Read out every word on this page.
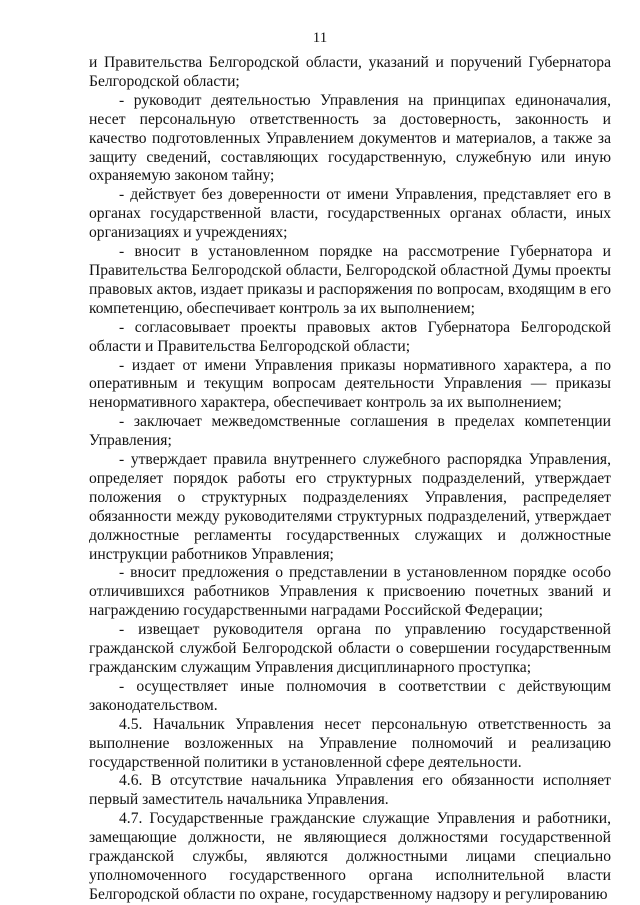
11

и Правительства Белгородской области, указаний и поручений Губернатора Белгородской области;

- руководит деятельностью Управления на принципах единоначалия, несет персональную ответственность за достоверность, законность и качество подготовленных Управлением документов и материалов, а также за защиту сведений, составляющих государственную, служебную или иную охраняемую законом тайну;

- действует без доверенности от имени Управления, представляет его в органах государственной власти, государственных органах области, иных организациях и учреждениях;

- вносит в установленном порядке на рассмотрение Губернатора и Правительства Белгородской области, Белгородской областной Думы проекты правовых актов, издает приказы и распоряжения по вопросам, входящим в его компетенцию, обеспечивает контроль за их выполнением;

- согласовывает проекты правовых актов Губернатора Белгородской области и Правительства Белгородской области;

- издает от имени Управления приказы нормативного характера, а по оперативным и текущим вопросам деятельности Управления — приказы ненормативного характера, обеспечивает контроль за их выполнением;

- заключает межведомственные соглашения в пределах компетенции Управления;

- утверждает правила внутреннего служебного распорядка Управления, определяет порядок работы его структурных подразделений, утверждает положения о структурных подразделениях Управления, распределяет обязанности между руководителями структурных подразделений, утверждает должностные регламенты государственных служащих и должностные инструкции работников Управления;

- вносит предложения о представлении в установленном порядке особо отличившихся работников Управления к присвоению почетных званий и награждению государственными наградами Российской Федерации;

- извещает руководителя органа по управлению государственной гражданской службой Белгородской области о совершении государственным гражданским служащим Управления дисциплинарного проступка;

- осуществляет иные полномочия в соответствии с действующим законодательством.

4.5. Начальник Управления несет персональную ответственность за выполнение возложенных на Управление полномочий и реализацию государственной политики в установленной сфере деятельности.

4.6. В отсутствие начальника Управления его обязанности исполняет первый заместитель начальника Управления.

4.7. Государственные гражданские служащие Управления и работники, замещающие должности, не являющиеся должностями государственной гражданской службы, являются должностными лицами специально уполномоченного государственного органа исполнительной власти Белгородской области по охране, государственному надзору и регулированию
